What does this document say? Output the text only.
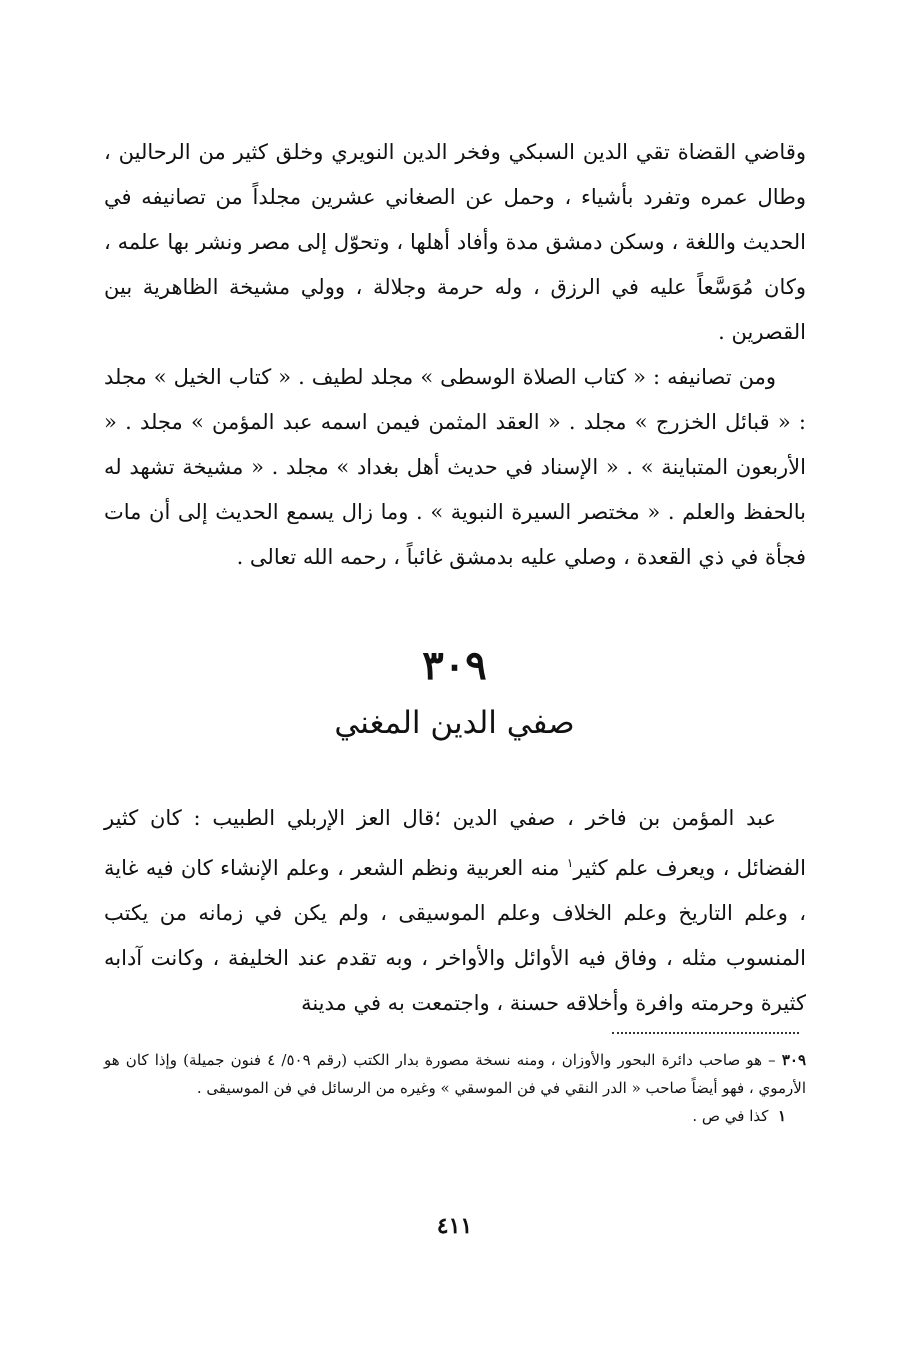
وقاضي القضاة تقي الدين السبكي وفخر الدين النويري وخلق كثير من الرحالين ، وطال عمره وتفرد بأشياء ، وحمل عن الصغاني عشرين مجلداً من تصانيفه في الحديث واللغة ، وسكن دمشق مدة وأفاد أهلها ، وتحوّل إلى مصر ونشر بها علمه ، وكان مُوَسَّعاً عليه في الرزق ، وله حرمة وجلالة ، وولي مشيخة الظاهرية بين القصرين .

ومن تصانيفه : « كتاب الصلاة الوسطى » مجلد لطيف . « كتاب الخيل » مجلد : « قبائل الخزرج » مجلد . « العقد المثمن فيمن اسمه عبد المؤمن » مجلد . « الأربعون المتباينة » . « الإسناد في حديث أهل بغداد » مجلد . « مشيخة تشهد له بالحفظ والعلم . « مختصر السيرة النبوية » . وما زال يسمع الحديث إلى أن مات فجأة في ذي القعدة ، وصلي عليه بدمشق غائباً ، رحمه الله تعالى .

٣٠٩
صفي الدين المغني

عبد المؤمن بن فاخر ، صفي الدين ؛قال العز الإربلي الطبيب : كان كثير الفضائل ، ويعرف علم كثير$^١$ منه العربية ونظم الشعر ، وعلم الإنشاء كان فيه غاية ، وعلم التاريخ وعلم الخلاف وعلم الموسيقى ، ولم يكن في زمانه من يكتب المنسوب مثله ، وفاق فيه الأوائل والأواخر ، وبه تقدم عند الخليفة ، وكانت آدابه كثيرة وحرمته وافرة وأخلاقه حسنة ، واجتمعت به في مدينة

٣٠٩ – هو صاحب دائرة البحور والأوزان ، ومنه نسخة مصورة بدار الكتب (رقم ٥٠٩/ ٤ فنون جميلة) وإذا كان هو الأرموي ، فهو أيضاً صاحب « الدر النقي في فن الموسقي » وغيره من الرسائل في فن الموسيقى .

١  كذا في ص .

٤١١
